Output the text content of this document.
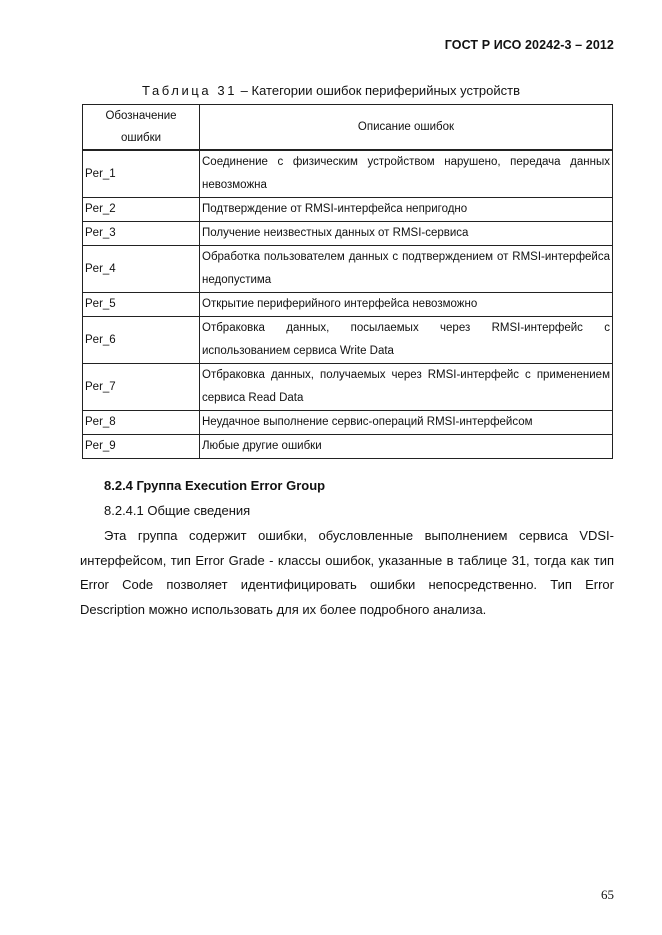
ГОСТ Р ИСО 20242-3 – 2012
Таблица 31 – Категории ошибок периферийных устройств
Обозначение ошибки	Описание ошибок
Per_1	Соединение с физическим устройством нарушено, передача данных невозможна
Per_2	Подтверждение от RMSI-интерфейса непригодно
Per_3	Получение неизвестных данных от RMSI-сервиса
Per_4	Обработка пользователем данных с подтверждением от RMSI-интерфейса недопустима
Per_5	Открытие периферийного интерфейса невозможно
Per_6	Отбраковка данных, посылаемых через RMSI-интерфейс с использованием сервиса Write Data
Per_7	Отбраковка данных, получаемых через RMSI-интерфейс с применением сервиса Read Data
Per_8	Неудачное выполнение сервис-операций RMSI-интерфейсом
Per_9	Любые другие ошибки
8.2.4 Группа Execution Error Group
8.2.4.1 Общие сведения
Эта группа содержит ошибки, обусловленные выполнением сервиса VDSI-интерфейсом, тип Error Grade - классы ошибок, указанные в таблице 31, тогда как тип Error Code позволяет идентифицировать ошибки непосредственно. Тип Error Description можно использовать для их более подробного анализа.
65
